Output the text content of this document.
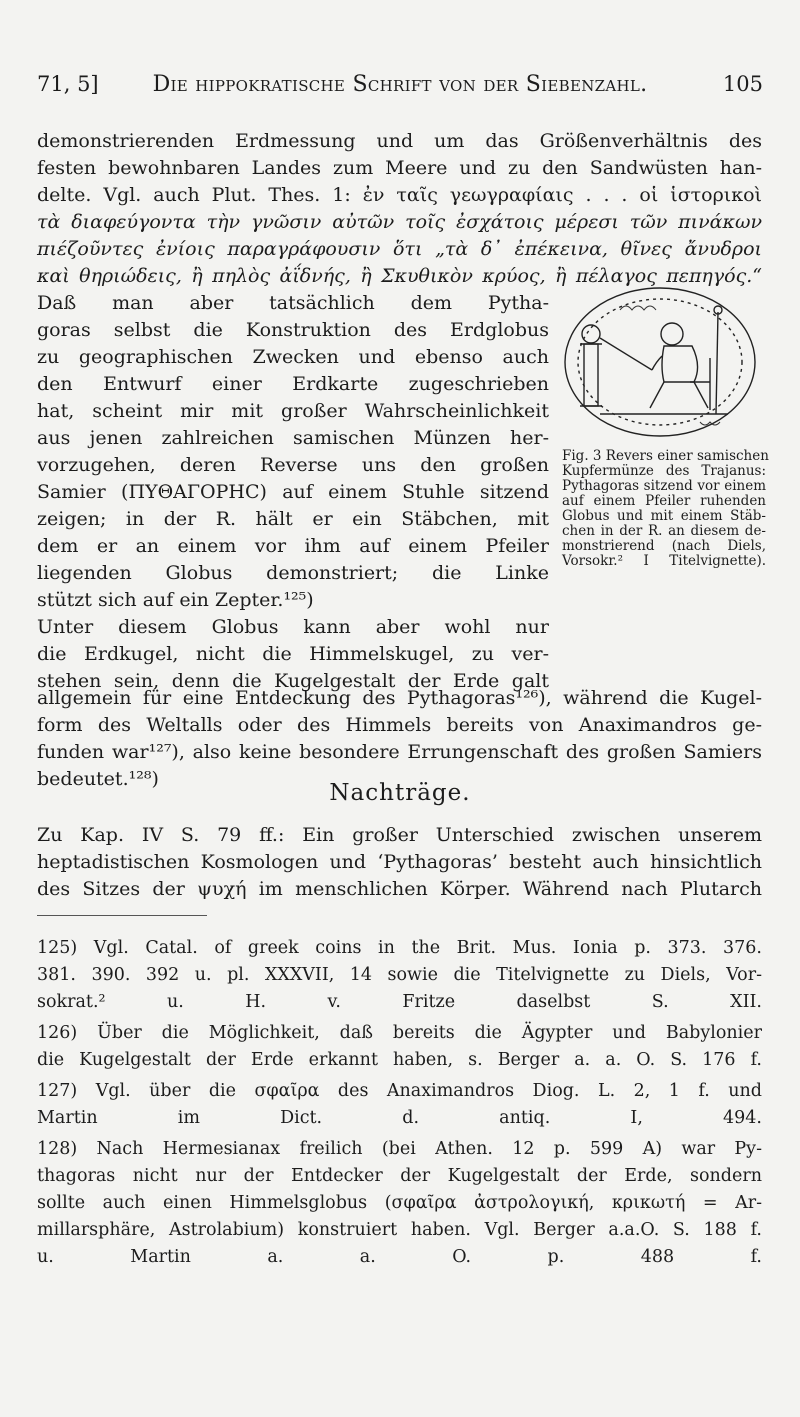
71, 5]	Die hippokratische Schrift von der Siebenzahl.	105
demonstrierenden Erdmessung und um das Größenverhältnis des
festen bewohnbaren Landes zum Meere und zu den Sandwüsten han-
delte. Vgl. auch Plut. Thes. 1: ἐν ταῖς γεωγραφίαις . . . οἱ ἱστορικοὶ
τὰ διαφεύγοντα τὴν γνῶσιν αὐτῶν τοῖς ἐσχάτοις μέρεσι τῶν πινάκων
πιέζοῦντες ἐνίοις παραγράφουσιν ὅτι „τὰ δ᾿ ἐπέκεινα, θῖνες ἄνυδροι
καὶ θηριώδεις, ἢ πηλὸς ἀΐδνής, ἢ Σκυθικὸν κρύος, ἢ πέλαγος πεπηγός.“
Daß man aber tatsächlich dem Pytha-
goras selbst die Konstruktion des Erdglobus
zu geographischen Zwecken und ebenso auch
den Entwurf einer Erdkarte zugeschrieben
hat, scheint mir mit großer Wahrscheinlichkeit
aus jenen zahlreichen samischen Münzen her-
vorzugehen, deren Reverse uns den großen
Samier (ΠΥΘΑΓΟΡΗC) auf einem Stuhle sitzend
zeigen; in der R. hält er ein Stäbchen, mit
dem er an einem vor ihm auf einem Pfeiler
liegenden Globus demonstriert; die Linke
stützt sich auf ein Zepter.¹²⁵)
Unter diesem Globus kann aber wohl nur
die Erdkugel, nicht die Himmelskugel, zu ver-
stehen sein, denn die Kugelgestalt der Erde galt
Fig. 3 Revers einer samischen
Kupfermünze des Trajanus:
Pythagoras sitzend vor einem
auf einem Pfeiler ruhenden
Globus und mit einem Stäb-
chen in der R. an diesem de-
monstrierend (nach Diels,
Vorsokr.² I Titelvignette).
allgemein für eine Entdeckung des Pythagoras¹²⁶), während die Kugel-
form des Weltalls oder des Himmels bereits von Anaximandros ge-
funden war¹²⁷), also keine besondere Errungenschaft des großen Samiers
bedeutet.¹²⁸)
Nachträge.
Zu Kap. IV S. 79 ff.: Ein großer Unterschied zwischen unserem
heptadistischen Kosmologen und ‘Pythagoras’ besteht auch hinsichtlich
des Sitzes der ψυχή im menschlichen Körper. Während nach Plutarch
125) Vgl. Catal. of greek coins in the Brit. Mus. Ionia p. 373. 376.
381. 390. 392 u. pl. XXXVII, 14 sowie die Titelvignette zu Diels, Vor-
sokrat.² u. H. v. Fritze daselbst S. XII.
126) Über die Möglichkeit, daß bereits die Ägypter und Babylonier
die Kugelgestalt der Erde erkannt haben, s. Berger a. a. O. S. 176 f.
127) Vgl. über die σφαῖρα des Anaximandros Diog. L. 2, 1 f. und
Martin im Dict. d. antiq. I, 494.
128) Nach Hermesianax freilich (bei Athen. 12 p. 599 A) war Py-
thagoras nicht nur der Entdecker der Kugelgestalt der Erde, sondern
sollte auch einen Himmelsglobus (σφαῖρα ἀστρολογική, κρικωτή = Ar-
millarsphäre, Astrolabium) konstruiert haben. Vgl. Berger a.a.O. S. 188 f.
u. Martin a. a. O. p. 488 f.
